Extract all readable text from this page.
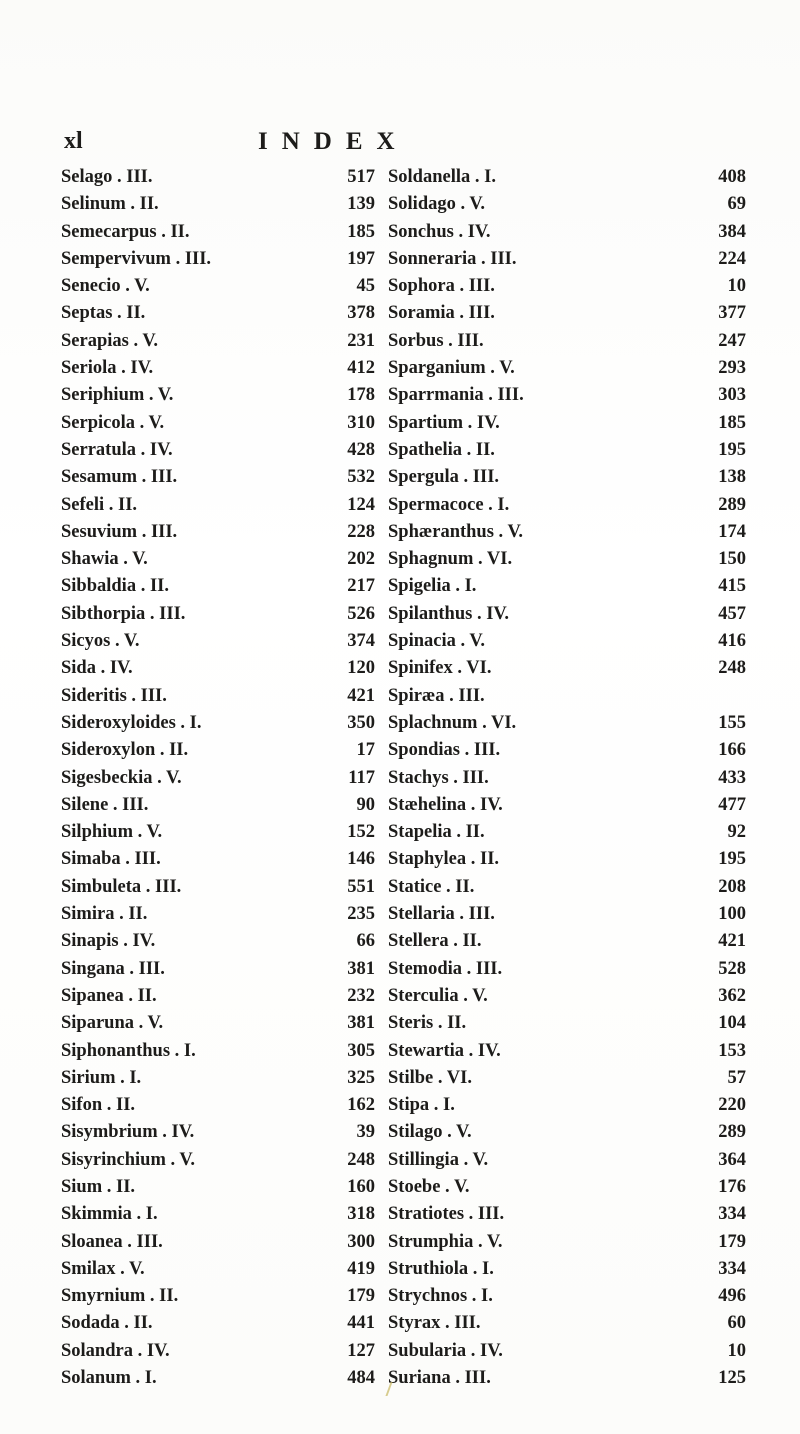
xl	INDEX
Selago . III.	517
Selinum . II.	139
Semecarpus . II.	185
Sempervivum . III.	197
Senecio . V.	45
Septas . II.	378
Serapias . V.	231
Seriola . IV.	412
Seriphium . V.	178
Serpicola . V.	310
Serratula . IV.	428
Sesamum . III.	532
Sefeli . II.	124
Sesuvium . III.	228
Shawia . V.	202
Sibbaldia . II.	217
Sibthorpia . III.	526
Sicyos . V.	374
Sida . IV.	120
Sideritis . III.	421
Sideroxyloides . I.	350
Sideroxylon . II.	17
Sigesbeckia . V.	117
Silene . III.	90
Silphium . V.	152
Simaba . III.	146
Simbuleta . III.	551
Simira . II.	235
Sinapis . IV.	66
Singana . III.	381
Sipanea . II.	232
Siparuna . V.	381
Siphonanthus . I.	305
Sirium . I.	325
Sifon . II.	162
Sisymbrium . IV.	39
Sisyrinchium . V.	248
Sium . II.	160
Skimmia . I.	318
Sloanea . III.	300
Smilax . V.	419
Smyrnium . II.	179
Sodada . II.	441
Solandra . IV.	127
Solanum . I.	484
Soldanella . I.	408
Solidago . V.	69
Sonchus . IV.	384
Sonneraria . III.	224
Sophora . III.	10
Soramia . III.	377
Sorbus . III.	247
Sparganium . V.	293
Sparrmania . III.	303
Spartium . IV.	185
Spathelia . II.	195
Spergula . III.	138
Spermacoce . I.	289
Sphæranthus . V.	174
Sphagnum . VI.	150
Spigelia . I.	415
Spilanthus . IV.	457
Spinacia . V.	416
Spinifex . VI.	248
Spiræa . III.
Splachnum . VI.	155
Spondias . III.	166
Stachys . III.	433
Stæhelina . IV.	477
Stapelia . II.	92
Staphylea . II.	195
Statice . II.	208
Stellaria . III.	100
Stellera . II.	421
Stemodia . III.	528
Sterculia . V.	362
Steris . II.	104
Stewartia . IV.	153
Stilbe . VI.	57
Stipa . I.	220
Stilago . V.	289
Stillingia . V.	364
Stoebe . V.	176
Stratiotes . III.	334
Strumphia . V.	179
Struthiola . I.	334
Strychnos . I.	496
Styrax . III.	60
Subularia . IV.	10
Suriana . III.	125
